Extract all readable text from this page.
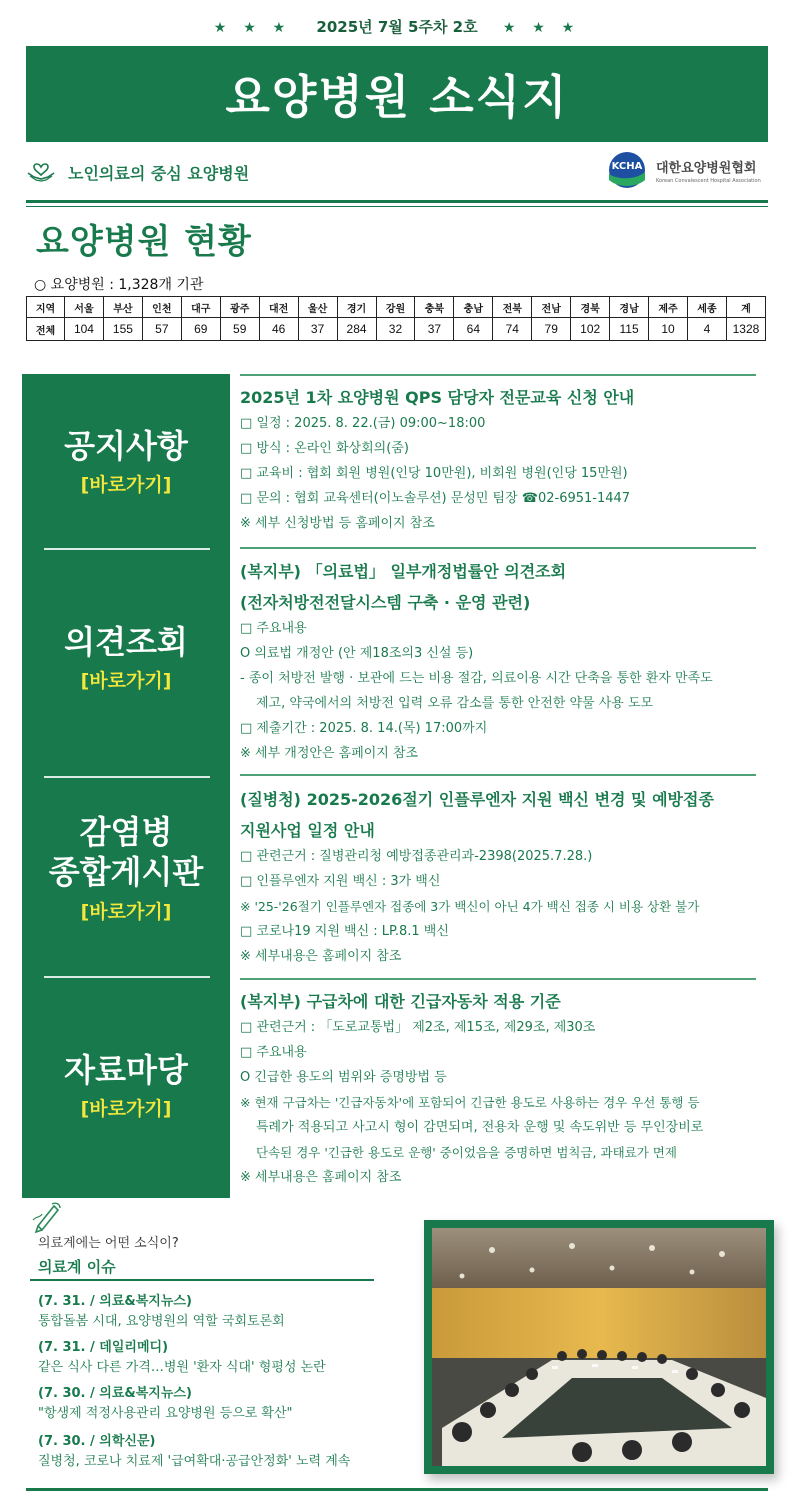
★ ★ ★ 2025년 7월 5주차 2호 ★ ★ ★
요양병원 소식지
노인의료의 중심 요양병원	KCHA 대한요양병원협회
Korean Convalescent Hospital Association
요양병원 현황
○ 요양병원 : 1,328개 기관
지역	서울	부산	인천	대구	광주	대전	울산	경기	강원	충북	충남	전북	전남	경북	경남	제주	세종	계
전체	104	155	57	69	59	46	37	284	32	37	64	74	79	102	115	10	4	1328
공지사항
[바로가기]
의견조회
[바로가기]
감염병
종합게시판
[바로가기]
자료마당
[바로가기]
2025년 1차 요양병원 QPS 담당자 전문교육 신청 안내
□ 일정 : 2025. 8. 22.(금) 09:00~18:00
□ 방식 : 온라인 화상회의(줌)
□ 교육비 : 협회 회원 병원(인당 10만원), 비회원 병원(인당 15만원)
□ 문의 : 협회 교육센터(이노솔루션) 문성민 팀장 ☎02-6951-1447
※ 세부 신청방법 등 홈페이지 참조
(복지부) 「의료법」 일부개정법률안 의견조회
(전자처방전전달시스템 구축 · 운영 관련)
□ 주요내용
O 의료법 개정안 (안 제18조의3 신설 등)
- 종이 처방전 발행 · 보관에 드는 비용 절감, 의료이용 시간 단축을 통한 환자 만족도
제고, 약국에서의 처방전 입력 오류 감소를 통한 안전한 약물 사용 도모
□ 제출기간 : 2025. 8. 14.(목) 17:00까지
※ 세부 개정안은 홈페이지 참조
(질병청) 2025-2026절기 인플루엔자 지원 백신 변경 및 예방접종
지원사업 일정 안내
□ 관련근거 : 질병관리청 예방접종관리과-2398(2025.7.28.)
□ 인플루엔자 지원 백신 : 3가 백신
※ '25-'26절기 인플루엔자 접종에 3가 백신이 아닌 4가 백신 접종 시 비용 상환 불가
□ 코로나19 지원 백신 : LP.8.1 백신
※ 세부내용은 홈페이지 참조
(복지부) 구급차에 대한 긴급자동차 적용 기준
□ 관련근거 : 「도로교통법」 제2조, 제15조, 제29조, 제30조
□ 주요내용
O 긴급한 용도의 범위와 증명방법 등
※ 현재 구급차는 '긴급자동차'에 포함되어 긴급한 용도로 사용하는 경우 우선 통행 등
특례가 적용되고 사고시 형이 감면되며, 전용차 운행 및 속도위반 등 무인장비로
단속된 경우 '긴급한 용도로 운행' 중이었음을 증명하면 범칙금, 과태료가 면제
※ 세부내용은 홈페이지 참조
의료계에는 어떤 소식이?
의료계 이슈
(7. 31. / 의료&복지뉴스)
통합돌봄 시대, 요양병원의 역할 국회토론회
(7. 31. / 데일리메디)
같은 식사 다른 가격…병원 '환자 식대' 형평성 논란
(7. 30. / 의료&복지뉴스)
"항생제 적정사용관리 요양병원 등으로 확산"
(7. 30. / 의학신문)
질병청, 코로나 치료제 '급여확대·공급안정화' 노력 계속
